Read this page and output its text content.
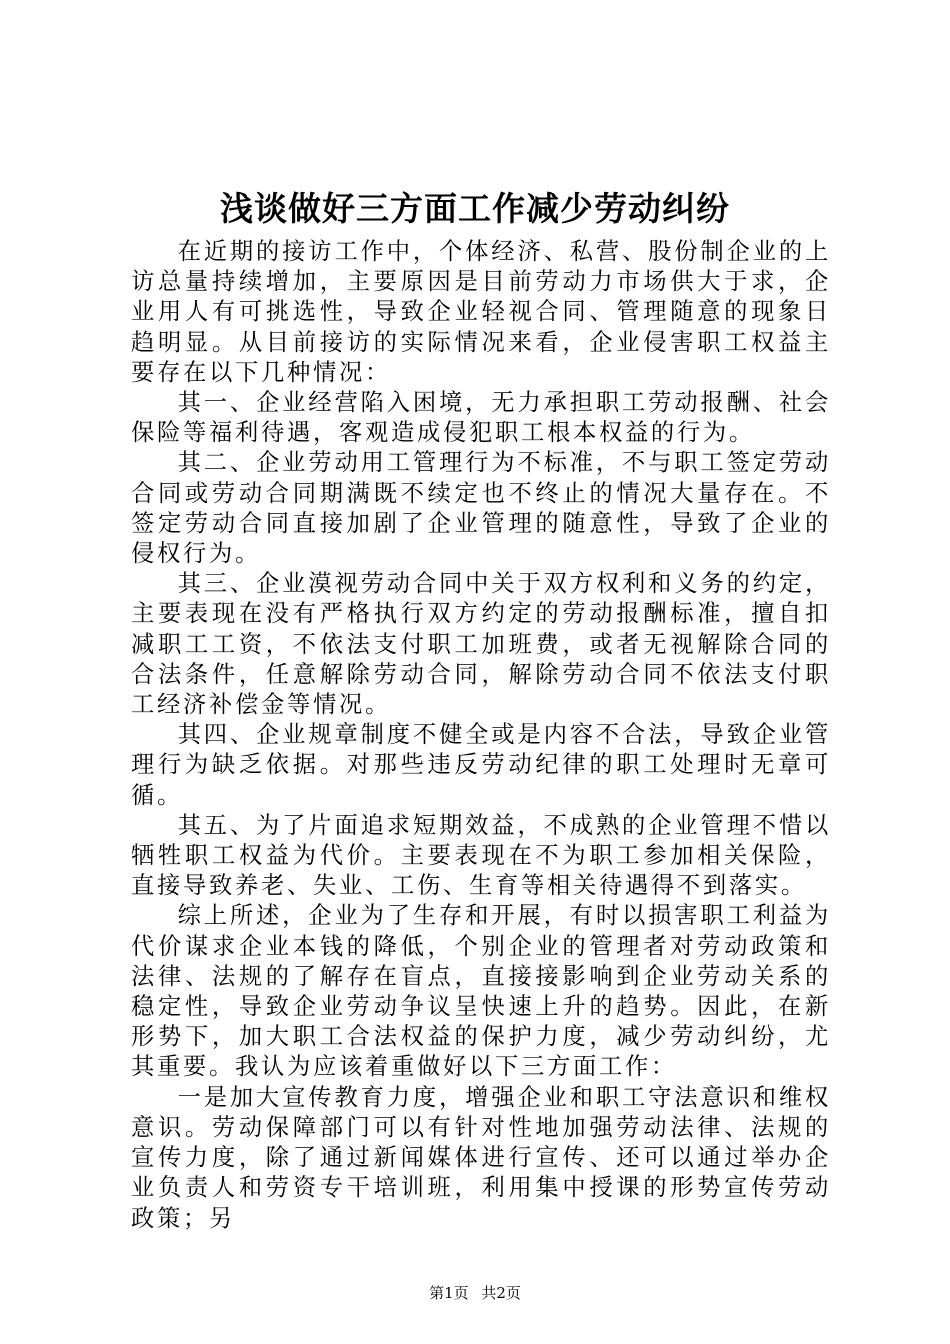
浅谈做好三方面工作减少劳动纠纷

在近期的接访工作中，个体经济、私营、股份制企业的上访总量持续增加，主要原因是目前劳动力市场供大于求，企业用人有可挑选性，导致企业轻视合同、管理随意的现象日趋明显。从目前接访的实际情况来看，企业侵害职工权益主要存在以下几种情况：

其一、企业经营陷入困境，无力承担职工劳动报酬、社会保险等福利待遇，客观造成侵犯职工根本权益的行为。

其二、企业劳动用工管理行为不标准，不与职工签定劳动合同或劳动合同期满既不续定也不终止的情况大量存在。不签定劳动合同直接加剧了企业管理的随意性，导致了企业的侵权行为。

其三、企业漠视劳动合同中关于双方权利和义务的约定，主要表现在没有严格执行双方约定的劳动报酬标准，擅自扣减职工工资，不依法支付职工加班费，或者无视解除合同的合法条件，任意解除劳动合同，解除劳动合同不依法支付职工经济补偿金等情况。

其四、企业规章制度不健全或是内容不合法，导致企业管理行为缺乏依据。对那些违反劳动纪律的职工处理时无章可循。

其五、为了片面追求短期效益，不成熟的企业管理不惜以牺牲职工权益为代价。主要表现在不为职工参加相关保险，直接导致养老、失业、工伤、生育等相关待遇得不到落实。

综上所述，企业为了生存和开展，有时以损害职工利益为代价谋求企业本钱的降低，个别企业的管理者对劳动政策和法律、法规的了解存在盲点，直接接影响到企业劳动关系的稳定性，导致企业劳动争议呈快速上升的趋势。因此，在新形势下，加大职工合法权益的保护力度，减少劳动纠纷，尤其重要。我认为应该着重做好以下三方面工作：

一是加大宣传教育力度，增强企业和职工守法意识和维权意识。劳动保障部门可以有针对性地加强劳动法律、法规的宣传力度，除了通过新闻媒体进行宣传、还可以通过举办企业负责人和劳资专干培训班，利用集中授课的形势宣传劳动政策；另

第1页 共2页
